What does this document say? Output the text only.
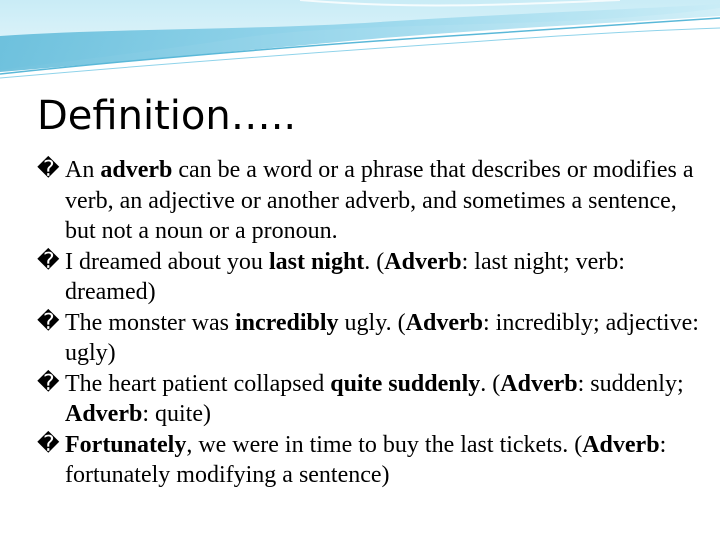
Definition…..
� An adverb can be a word or a phrase that describes or modifies a verb, an adjective or another adverb, and sometimes a sentence, but not a noun or a pronoun.
� I dreamed about you last night. (Adverb: last night; verb: dreamed)
� The monster was incredibly ugly. (Adverb: incredibly; adjective: ugly)
� The heart patient collapsed quite suddenly. (Adverb: suddenly; Adverb: quite)
� Fortunately, we were in time to buy the last tickets. (Adverb: fortunately modifying a sentence)
